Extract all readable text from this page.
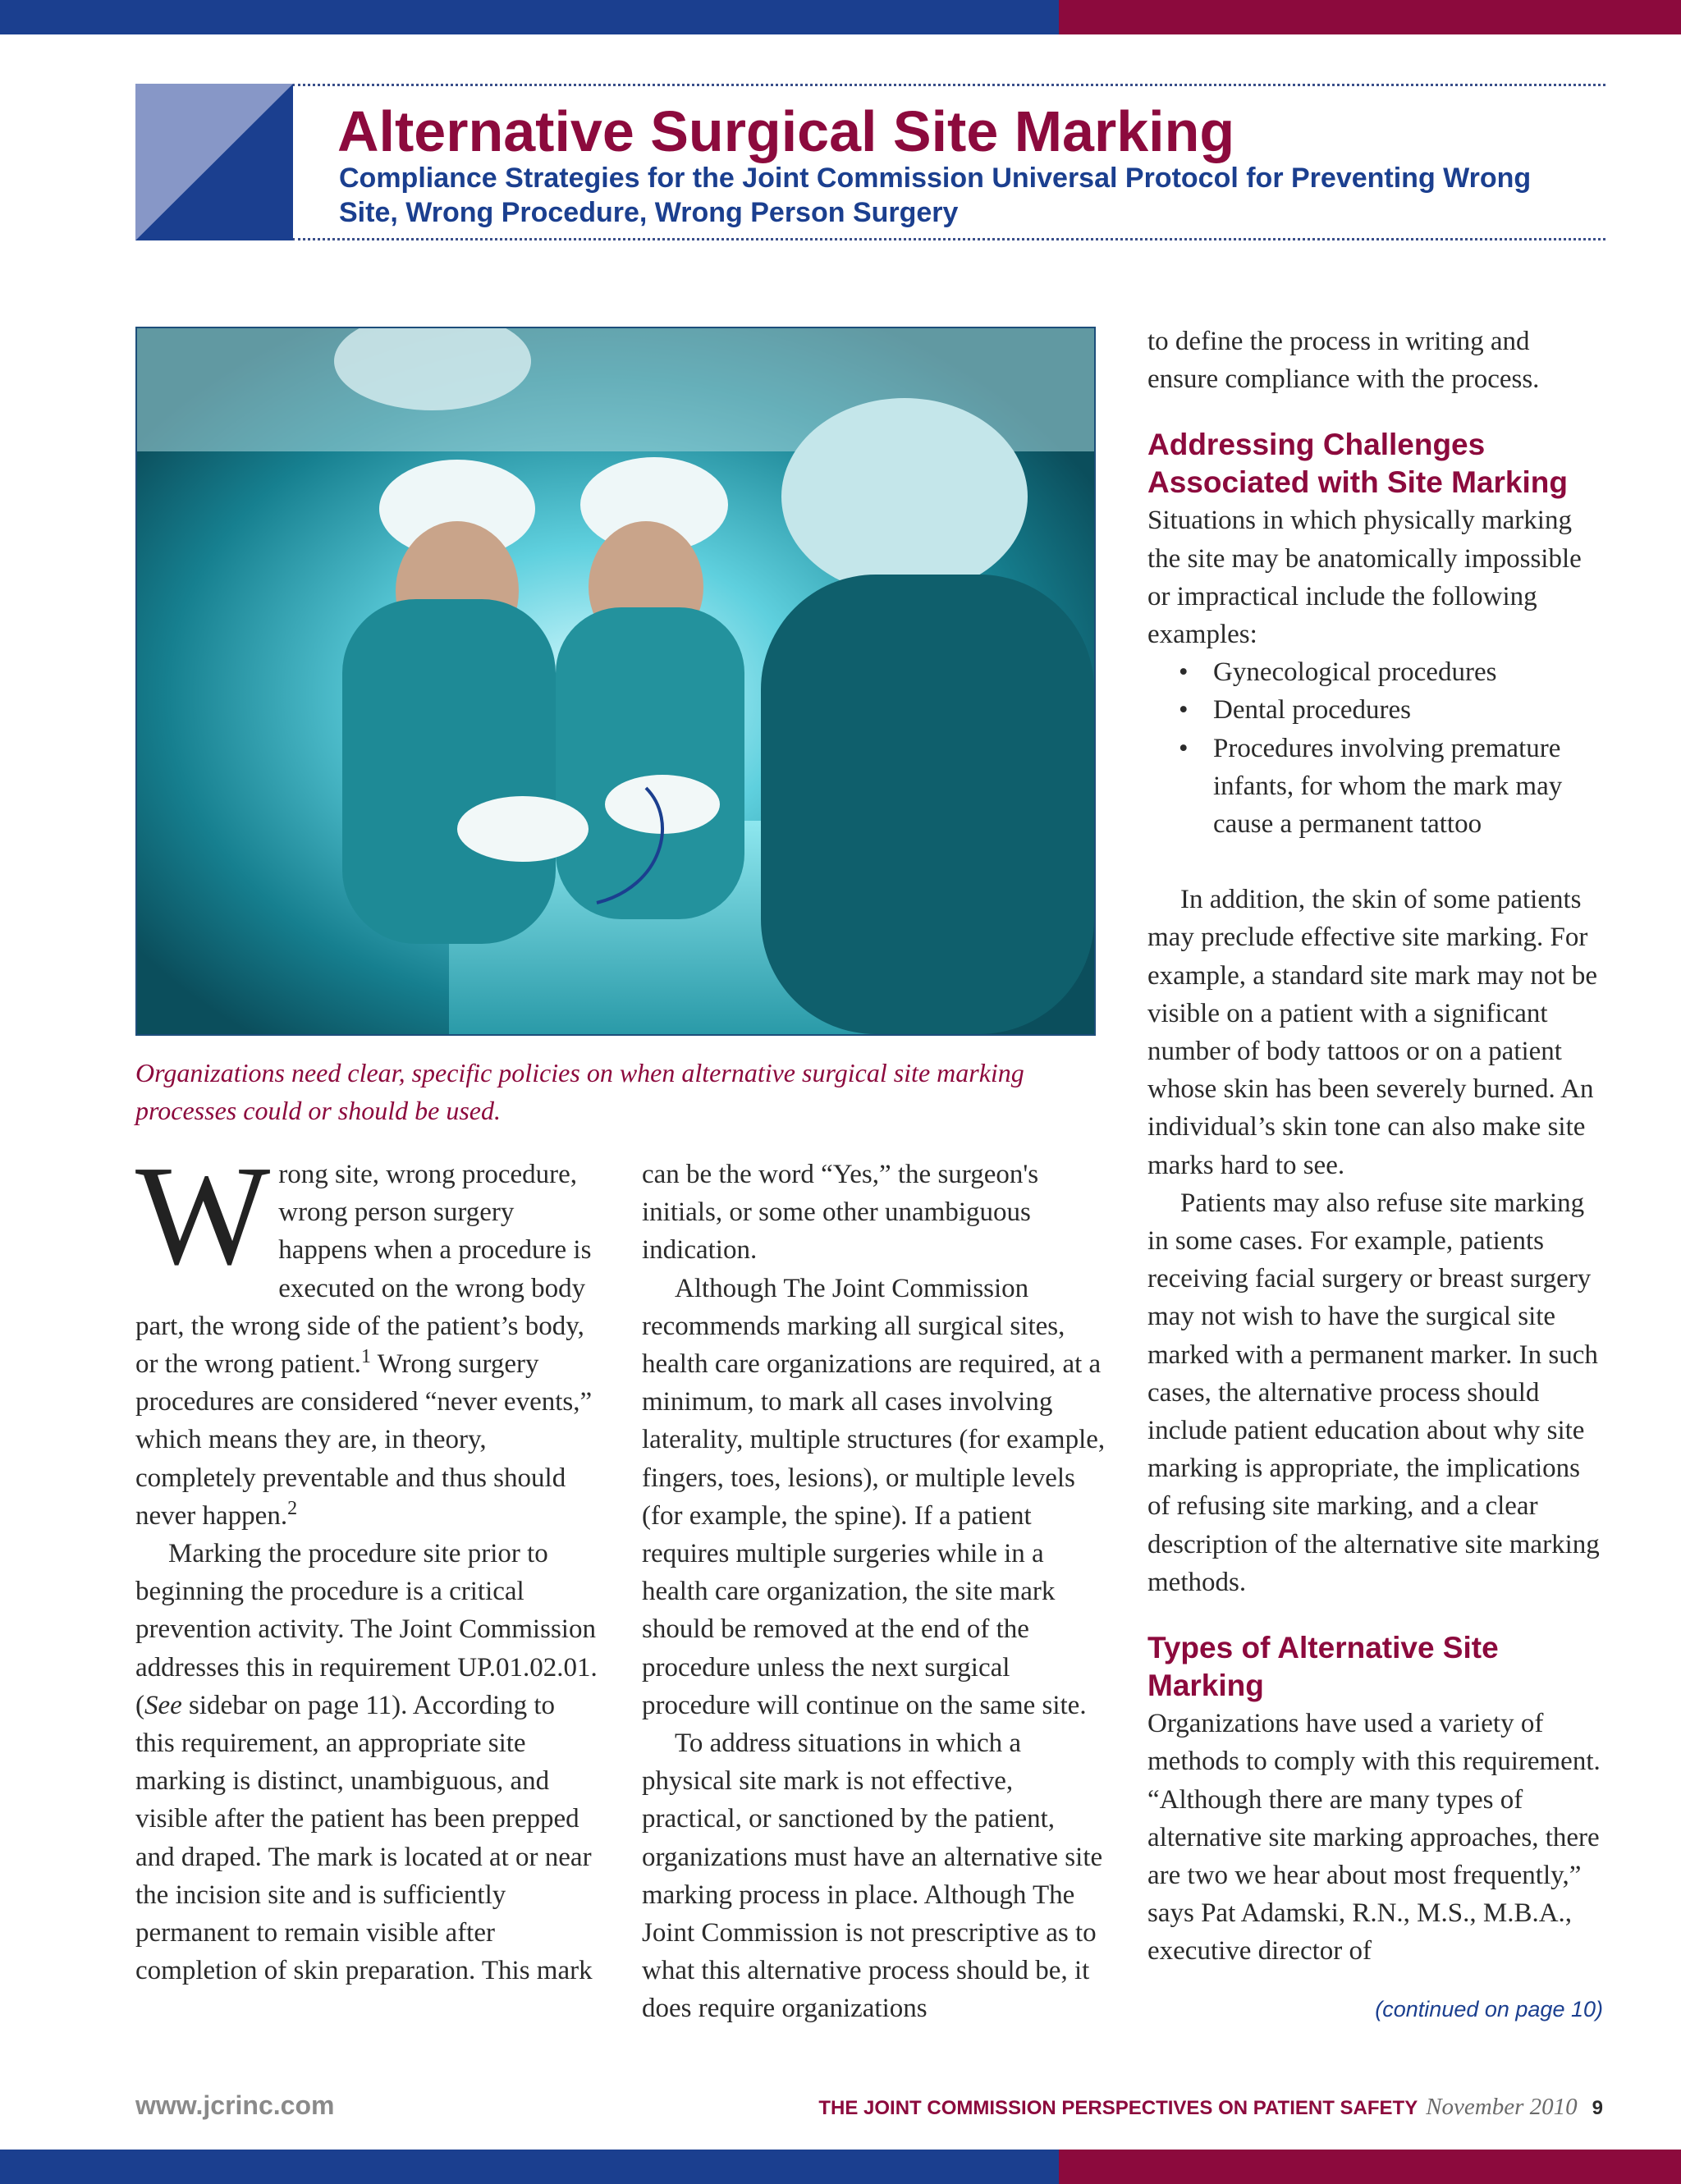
Alternative Surgical Site Marking
Compliance Strategies for the Joint Commission Universal Protocol for Preventing Wrong Site, Wrong Procedure, Wrong Person Surgery
Organizations need clear, specific policies on when alternative surgical site marking processes could or should be used.

W rong site, wrong procedure, wrong person surgery happens when a procedure is executed on the wrong body part, the wrong side of the patient’s body, or the wrong patient.$^1$ Wrong surgery procedures are considered “never events,” which means they are, in theory, completely preventable and thus should never happen.$^2$

Marking the procedure site prior to beginning the procedure is a critical prevention activity. The Joint Commission addresses this in requirement UP.01.02.01. (See sidebar on page 11). According to this requirement, an appropriate site marking is distinct, unambiguous, and visible after the patient has been prepped and draped. The mark is located at or near the incision site and is sufficiently permanent to remain visible after completion of skin preparation. This mark

can be the word “Yes,” the surgeon's initials, or some other unambiguous indication.

Although The Joint Commission recommends marking all surgical sites, health care organizations are required, at a minimum, to mark all cases involving laterality, multiple structures (for example, fingers, toes, lesions), or multiple levels (for example, the spine). If a patient requires multiple surgeries while in a health care organization, the site mark should be removed at the end of the procedure unless the next surgical procedure will continue on the same site.

To address situations in which a physical site mark is not effective, practical, or sanctioned by the patient, organizations must have an alternative site marking process in place. Although The Joint Commission is not prescriptive as to what this alternative process should be, it does require organizations

to define the process in writing and ensure compliance with the process.

Addressing Challenges Associated with Site Marking

Situations in which physically marking the site may be anatomically impossible or impractical include the following examples:

• Gynecological procedures
• Dental procedures
• Procedures involving premature infants, for whom the mark may cause a permanent tattoo

In addition, the skin of some patients may preclude effective site marking. For example, a standard site mark may not be visible on a patient with a significant number of body tattoos or on a patient whose skin has been severely burned. An individual’s skin tone can also make site marks hard to see.

Patients may also refuse site marking in some cases. For example, patients receiving facial surgery or breast surgery may not wish to have the surgical site marked with a permanent marker. In such cases, the alternative process should include patient education about why site marking is appropriate, the implications of refusing site marking, and a clear description of the alternative site marking methods.

Types of Alternative Site Marking

Organizations have used a variety of methods to comply with this requirement. “Although there are many types of alternative site marking approaches, there are two we hear about most frequently,” says Pat Adamski, R.N., M.S., M.B.A., executive director of

(continued on page 10)
www.jcrinc.com	THE JOINT COMMISSION PERSPECTIVES ON PATIENT SAFETY November 2010 9
